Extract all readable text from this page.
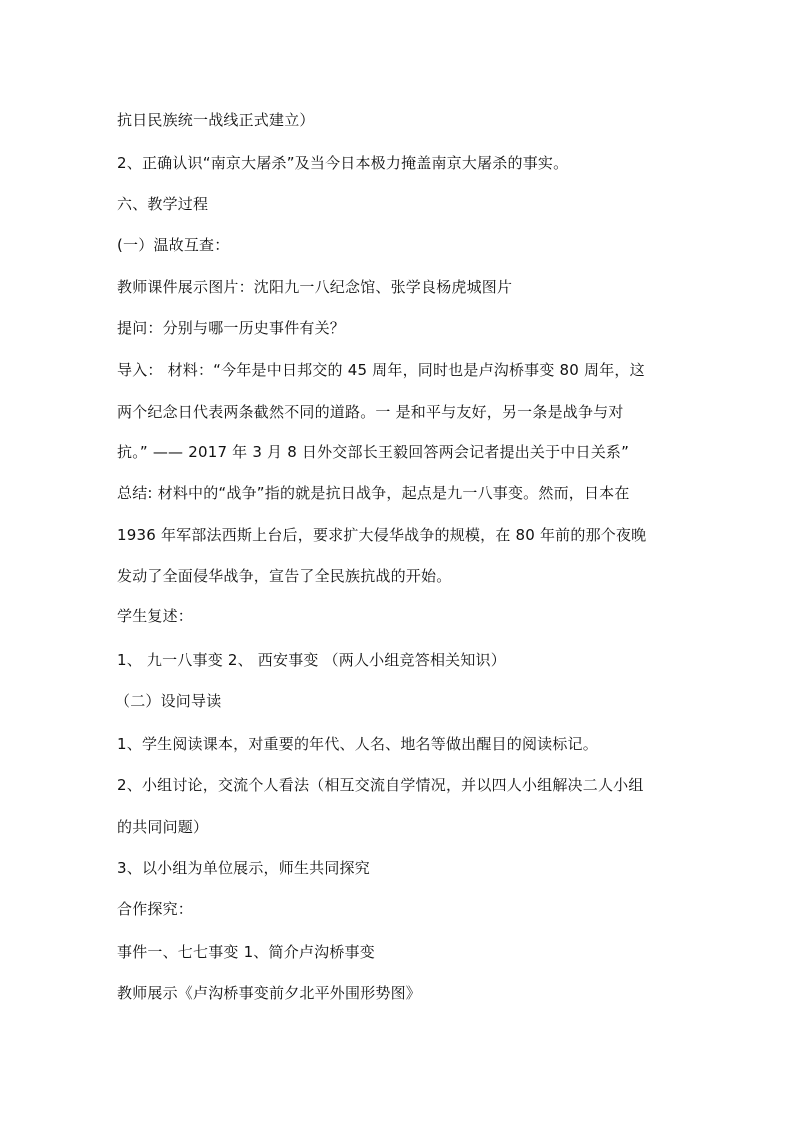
抗日民族统一战线正式建立）
2、正确认识“南京大屠杀”及当今日本极力掩盖南京大屠杀的事实。
六、教学过程
(一）温故互查：
教师课件展示图片：沈阳九一八纪念馆、张学良杨虎城图片
提问：分别与哪一历史事件有关？
导入： 材料：“今年是中日邦交的 45 周年，同时也是卢沟桥事变 80 周年，这
两个纪念日代表两条截然不同的道路。一 是和平与友好，另一条是战争与对
抗。” —— 2017 年 3 月 8 日外交部长王毅回答两会记者提出关于中日关系”
总结: 材料中的“战争”指的就是抗日战争，起点是九一八事变。然而，日本在
1936 年军部法西斯上台后，要求扩大侵华战争的规模，在 80 年前的那个夜晚
发动了全面侵华战争，宣告了全民族抗战的开始。
学生复述：
1、 九一八事变 2、 西安事变 （两人小组竞答相关知识）
（二）设问导读
1、学生阅读课本，对重要的年代、人名、地名等做出醒目的阅读标记。
2、小组讨论，交流个人看法（相互交流自学情况，并以四人小组解决二人小组
的共同问题）
3、以小组为单位展示，师生共同探究
合作探究：
事件一、七七事变 1、简介卢沟桥事变
教师展示《卢沟桥事变前夕北平外围形势图》
